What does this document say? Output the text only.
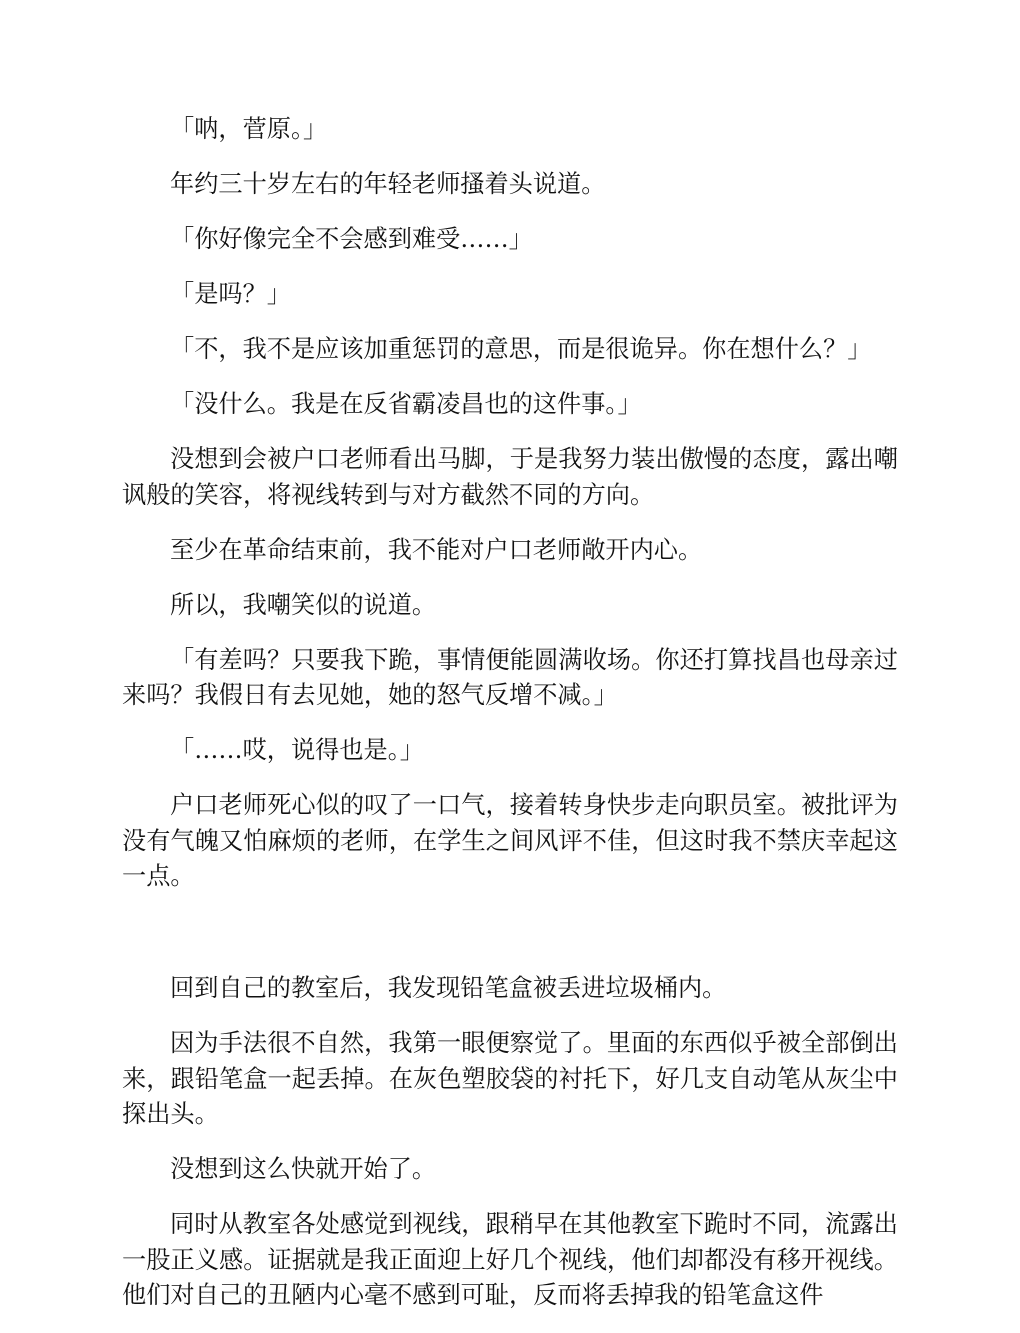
「呐，菅原。」

年约三十岁左右的年轻老师搔着头说道。

「你好像完全不会感到难受……」

「是吗？」

「不，我不是应该加重惩罚的意思，而是很诡异。你在想什么？」

「没什么。我是在反省霸凌昌也的这件事。」

没想到会被户口老师看出马脚，于是我努力装出傲慢的态度，露出嘲讽般的笑容，将视线转到与对方截然不同的方向。

至少在革命结束前，我不能对户口老师敞开内心。

所以，我嘲笑似的说道。

「有差吗？只要我下跪，事情便能圆满收场。你还打算找昌也母亲过来吗？我假日有去见她，她的怒气反增不减。」

「……哎，说得也是。」

户口老师死心似的叹了一口气，接着转身快步走向职员室。被批评为没有气魄又怕麻烦的老师，在学生之间风评不佳，但这时我不禁庆幸起这一点。

回到自己的教室后，我发现铅笔盒被丢进垃圾桶内。

因为手法很不自然，我第一眼便察觉了。里面的东西似乎被全部倒出来，跟铅笔盒一起丢掉。在灰色塑胶袋的衬托下，好几支自动笔从灰尘中探出头。

没想到这么快就开始了。

同时从教室各处感觉到视线，跟稍早在其他教室下跪时不同，流露出一股正义感。证据就是我正面迎上好几个视线，他们却都没有移开视线。他们对自己的丑陋内心毫不感到可耻，反而将丢掉我的铅笔盒这件
